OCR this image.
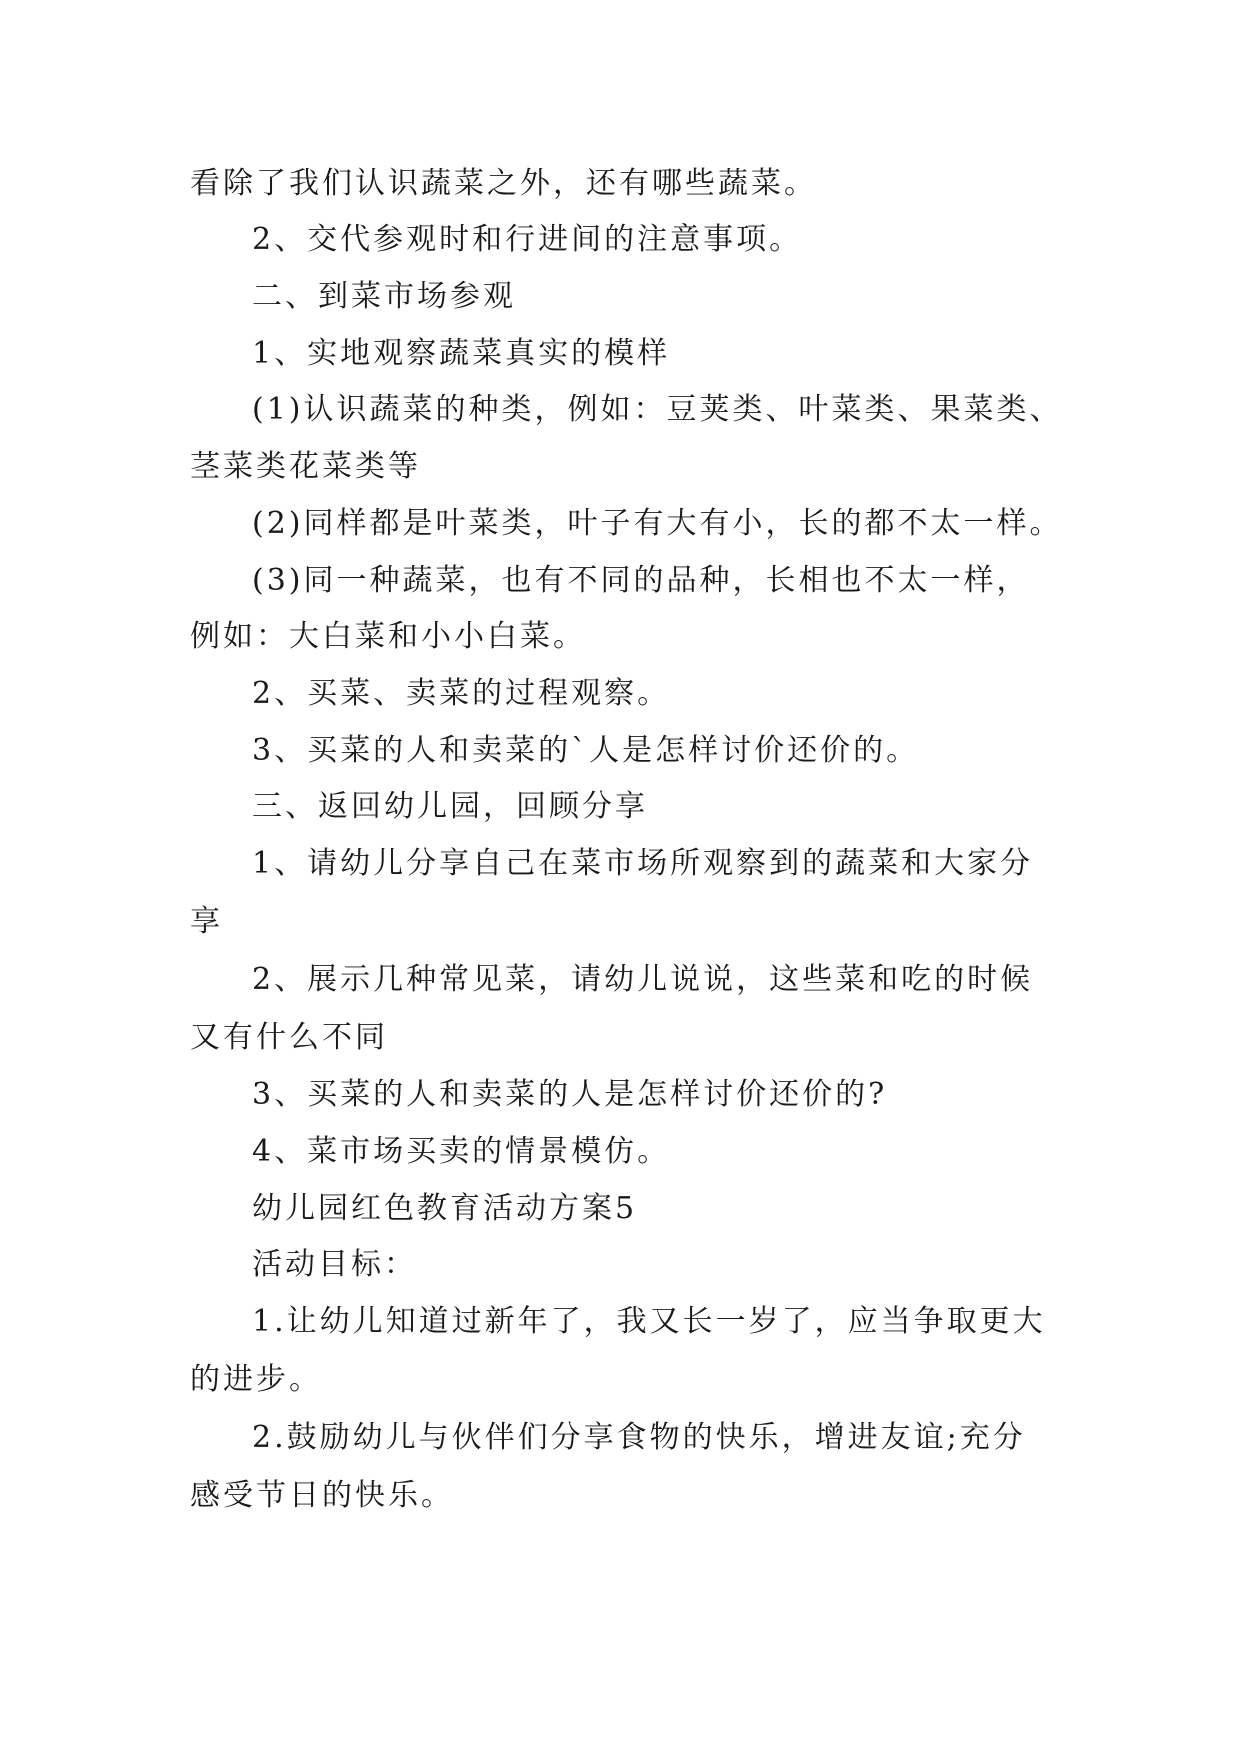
看除了我们认识蔬菜之外，还有哪些蔬菜。

2、交代参观时和行进间的注意事项。

二、到菜市场参观

1、实地观察蔬菜真实的模样

(1)认识蔬菜的种类，例如：豆荚类、叶菜类、果菜类、

茎菜类花菜类等

(2)同样都是叶菜类，叶子有大有小，长的都不太一样。

(3)同一种蔬菜，也有不同的品种，长相也不太一样，

例如：大白菜和小小白菜。

2、买菜、卖菜的过程观察。

3、买菜的人和卖菜的`人是怎样讨价还价的。

三、返回幼儿园，回顾分享

1、请幼儿分享自己在菜市场所观察到的蔬菜和大家分

享

2、展示几种常见菜，请幼儿说说，这些菜和吃的时候

又有什么不同

3、买菜的人和卖菜的人是怎样讨价还价的?

4、菜市场买卖的情景模仿。

幼儿园红色教育活动方案5

活动目标：

1.让幼儿知道过新年了，我又长一岁了，应当争取更大

的进步。

2.鼓励幼儿与伙伴们分享食物的快乐，增进友谊;充分

感受节日的快乐。
